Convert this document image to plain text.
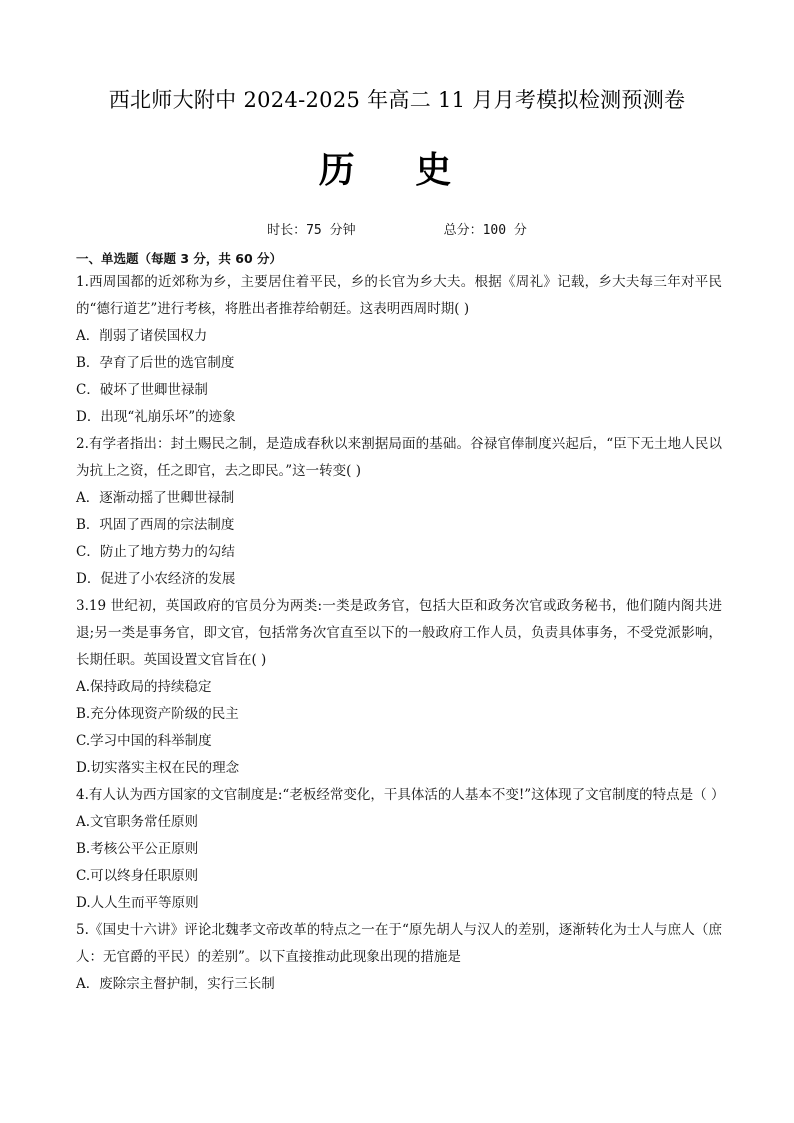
西北师大附中 2024-2025 年高二 11 月月考模拟检测预测卷
历 史
时长：75 分钟	总分：100 分
一、单选题（每题 3 分，共 60 分）
1.西周国都的近郊称为乡，主要居住着平民，乡的长官为乡大夫。根据《周礼》记载，乡大夫每三年对平民的“德行道艺”进行考核，将胜出者推荐给朝廷。这表明西周时期( )
A．削弱了诸侯国权力
B．孕育了后世的选官制度
C．破坏了世卿世禄制
D．出现“礼崩乐坏”的迹象
2.有学者指出：封土赐民之制，是造成春秋以来割据局面的基础。谷禄官俸制度兴起后，“臣下无土地人民以为抗上之资，任之即官，去之即民。”这一转变( )
A．逐渐动摇了世卿世禄制
B．巩固了西周的宗法制度
C．防止了地方势力的勾结
D．促进了小农经济的发展
3.19 世纪初，英国政府的官员分为两类:一类是政务官，包括大臣和政务次官或政务秘书，他们随内阁共进退;另一类是事务官，即文官，包括常务次官直至以下的一般政府工作人员，负责具体事务，不受党派影响，长期任职。英国设置文官旨在( )
A.保持政局的持续稳定
B.充分体现资产阶级的民主
C.学习中国的科举制度
D.切实落实主权在民的理念
4.有人认为西方国家的文官制度是:“老板经常变化，干具体活的人基本不变!”这体现了文官制度的特点是（ ）
A.文官职务常任原则
B.考核公平公正原则
C.可以终身任职原则
D.人人生而平等原则
5.《国史十六讲》评论北魏孝文帝改革的特点之一在于“原先胡人与汉人的差别，逐渐转化为士人与庶人（庶人：无官爵的平民）的差别”。以下直接推动此现象出现的措施是
A．废除宗主督护制，实行三长制
